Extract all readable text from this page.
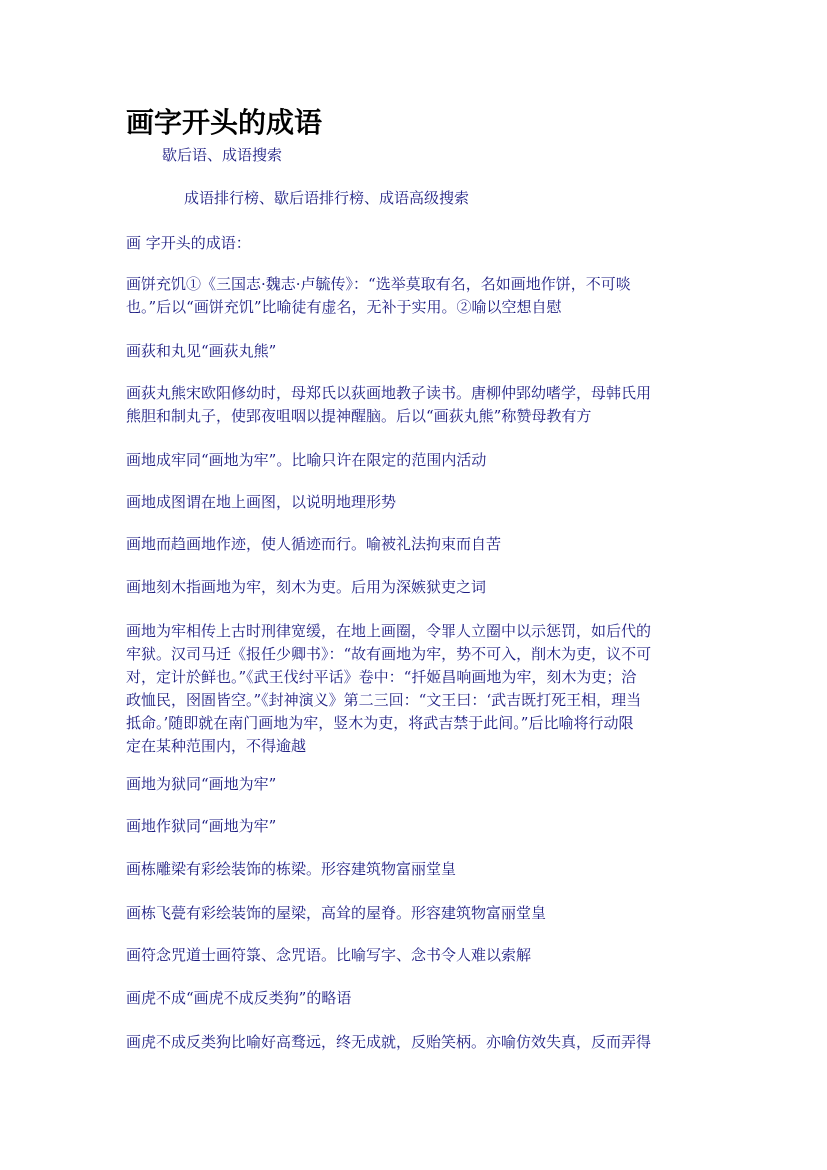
画字开头的成语
歇后语、成语搜索
成语排行榜、歇后语排行榜、成语高级搜索
画 字开头的成语：
画饼充饥①《三国志·魏志·卢毓传》：“选举莫取有名，名如画地作饼，不可啖
也。”后以“画饼充饥”比喻徒有虚名，无补于实用。②喻以空想自慰
画荻和丸见“画荻丸熊”
画荻丸熊宋欧阳修幼时，母郑氏以荻画地教子读书。唐柳仲郢幼嗜学，母韩氏用
熊胆和制丸子，使郢夜咀咽以提神醒脑。后以“画荻丸熊”称赞母教有方
画地成牢同“画地为牢”。比喻只许在限定的范围内活动
画地成图谓在地上画图，以说明地理形势
画地而趋画地作迹，使人循迹而行。喻被礼法拘束而自苦
画地刻木指画地为牢，刻木为吏。后用为深嫉狱吏之词
画地为牢相传上古时刑律宽缓，在地上画圈，令罪人立圈中以示惩罚，如后代的
牢狱。汉司马迁《报任少卿书》：“故有画地为牢，势不可入，削木为吏，议不可
对，定计於鲜也。”《武王伐纣平话》卷中：“扦姬昌响画地为牢，刻木为吏；洽
政恤民，囹圄皆空。”《封神演义》第二三回：“文王曰：‘武吉既打死王相，理当
抵命。’随即就在南门画地为牢，竖木为吏，将武吉禁于此间。”后比喻将行动限
定在某种范围内，不得逾越
画地为狱同“画地为牢”
画地作狱同“画地为牢”
画栋雕梁有彩绘装饰的栋梁。形容建筑物富丽堂皇
画栋飞甍有彩绘装饰的屋梁，高耸的屋脊。形容建筑物富丽堂皇
画符念咒道士画符箓、念咒语。比喻写字、念书令人难以索解
画虎不成“画虎不成反类狗”的略语
画虎不成反类狗比喻好高骛远，终无成就，反贻笑柄。亦喻仿效失真，反而弄得
